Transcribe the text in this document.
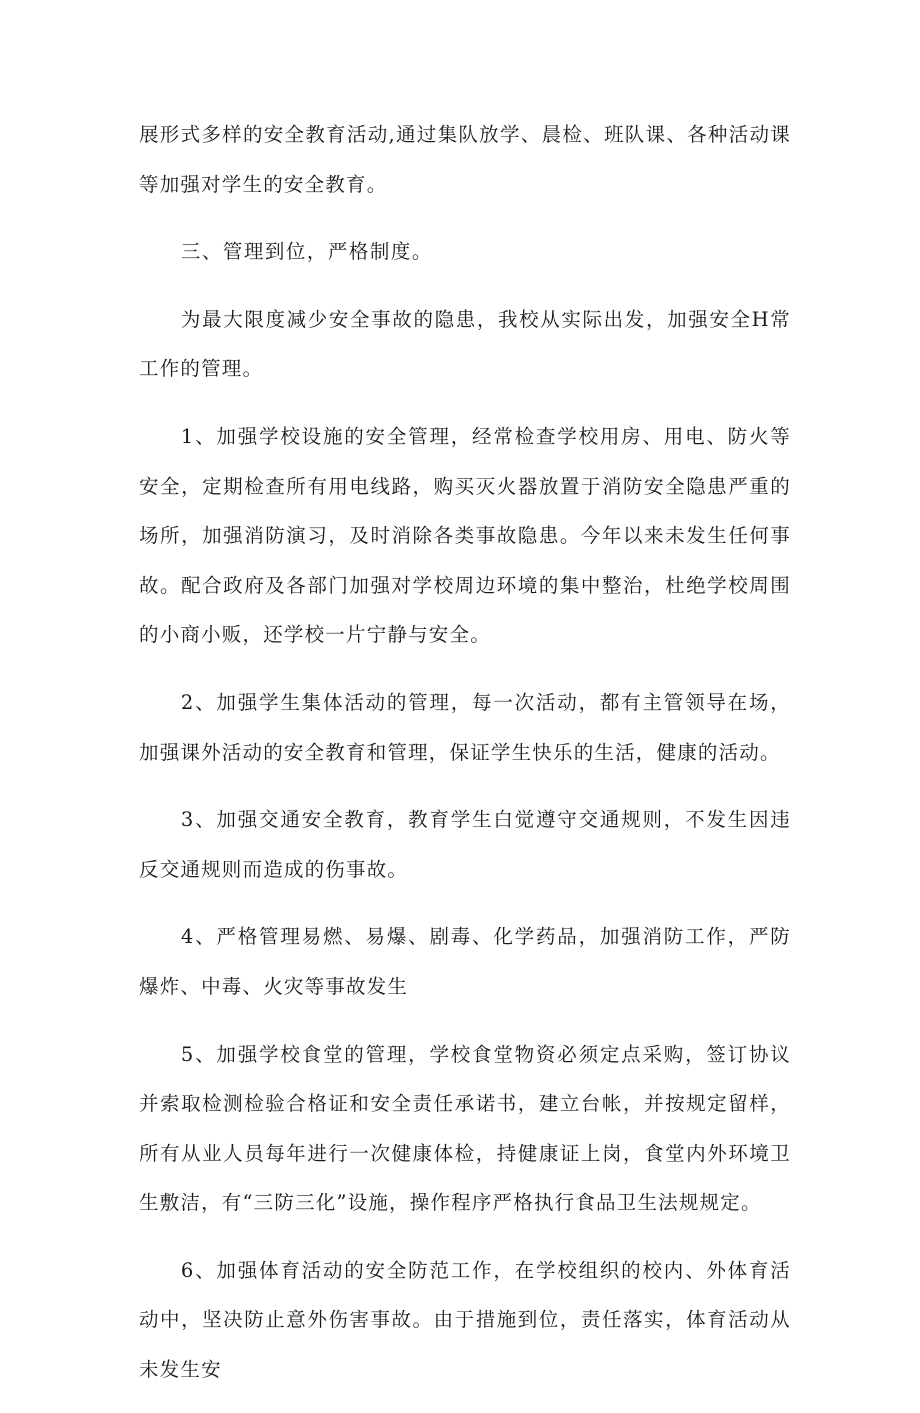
展形式多样的安全教育活动,通过集队放学、晨检、班队课、各种活动课等加强对学生的安全教育。

三、管理到位，严格制度。

为最大限度减少安全事故的隐患，我校从实际出发，加强安全H常工作的管理。

1、加强学校设施的安全管理，经常检查学校用房、用电、防火等安全，定期检查所有用电线路，购买灭火器放置于消防安全隐患严重的场所，加强消防演习，及时消除各类事故隐患。今年以来未发生任何事故。配合政府及各部门加强对学校周边环境的集中整治，杜绝学校周围的小商小贩，还学校一片宁静与安全。

2、加强学生集体活动的管理，每一次活动，都有主管领导在场，加强课外活动的安全教育和管理，保证学生快乐的生活，健康的活动。

3、加强交通安全教育，教育学生白觉遵守交通规则，不发生因违反交通规则而造成的伤事故。

4、严格管理易燃、易爆、剧毒、化学药品，加强消防工作，严防爆炸、中毒、火灾等事故发生

5、加强学校食堂的管理，学校食堂物资必须定点采购，签订协议并索取检测检验合格证和安全责任承诺书，建立台帐，并按规定留样，所有从业人员每年进行一次健康体检，持健康证上岗，食堂内外环境卫生敷洁，有“三防三化”设施，操作程序严格执行食品卫生法规规定。

6、加强体育活动的安全防范工作，在学校组织的校内、外体育活动中，坚决防止意外伤害事故。由于措施到位，责任落实，体育活动从未发生安
